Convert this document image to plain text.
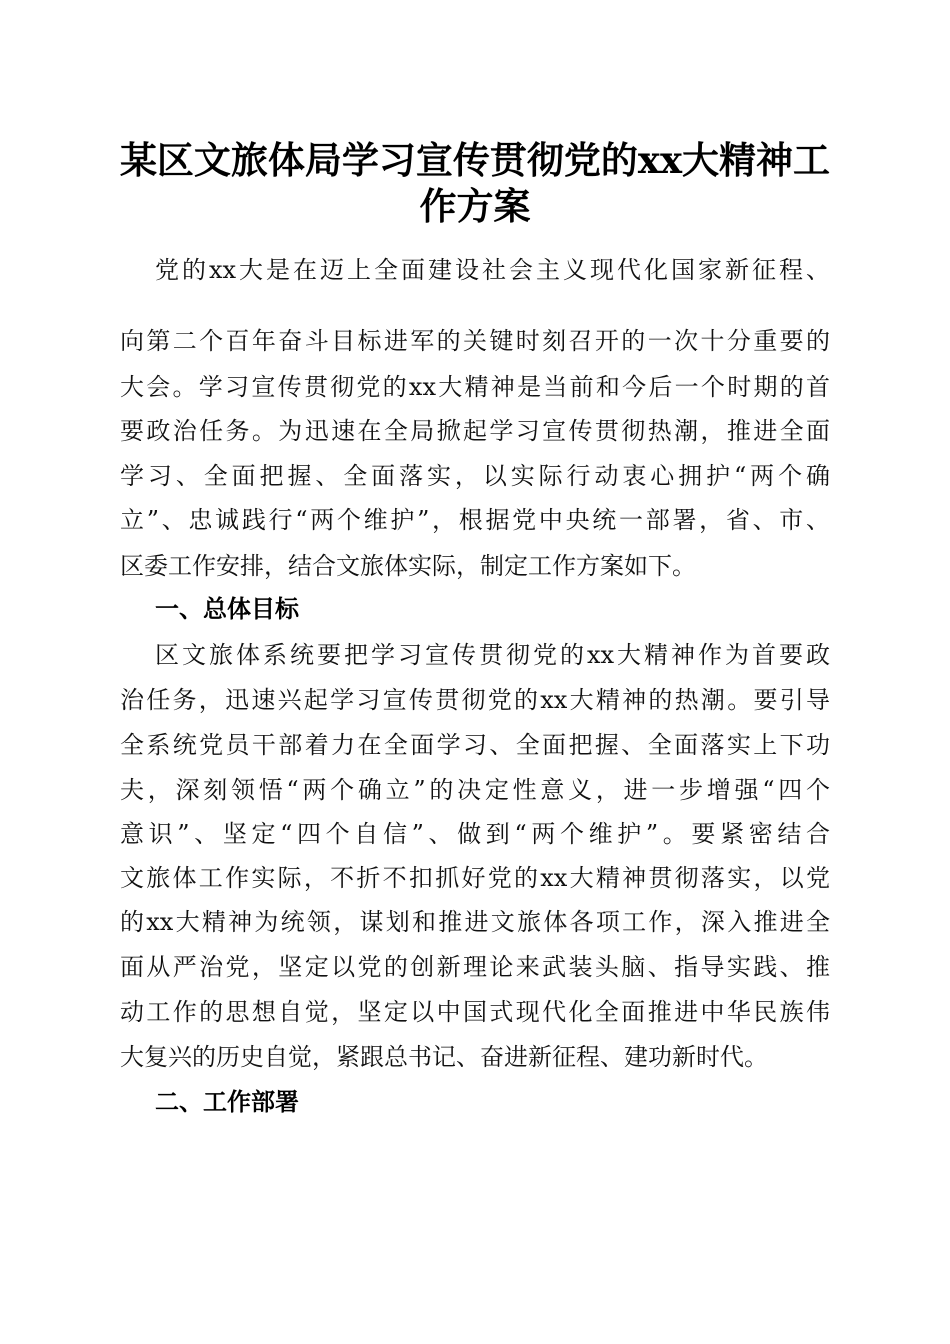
某区文旅体局学习宣传贯彻党的xx大精神工
作方案

党的xx大是在迈上全面建设社会主义现代化国家新征程、

向第二个百年奋斗目标进军的关键时刻召开的一次十分重要的

大会。学习宣传贯彻党的xx大精神是当前和今后一个时期的首

要政治任务。为迅速在全局掀起学习宣传贯彻热潮，推进全面

学习、全面把握、全面落实，以实际行动衷心拥护“两个确

立”、忠诚践行“两个维护”，根据党中央统一部署，省、市、

区委工作安排，结合文旅体实际，制定工作方案如下。

一、总体目标

区文旅体系统要把学习宣传贯彻党的xx大精神作为首要政

治任务，迅速兴起学习宣传贯彻党的xx大精神的热潮。要引导

全系统党员干部着力在全面学习、全面把握、全面落实上下功

夫，深刻领悟“两个确立”的决定性意义，进一步增强“四个

意识”、坚定“四个自信”、做到“两个维护”。要紧密结合

文旅体工作实际，不折不扣抓好党的xx大精神贯彻落实，以党

的xx大精神为统领，谋划和推进文旅体各项工作，深入推进全

面从严治党，坚定以党的创新理论来武装头脑、指导实践、推

动工作的思想自觉，坚定以中国式现代化全面推进中华民族伟

大复兴的历史自觉，紧跟总书记、奋进新征程、建功新时代。

二、工作部署
